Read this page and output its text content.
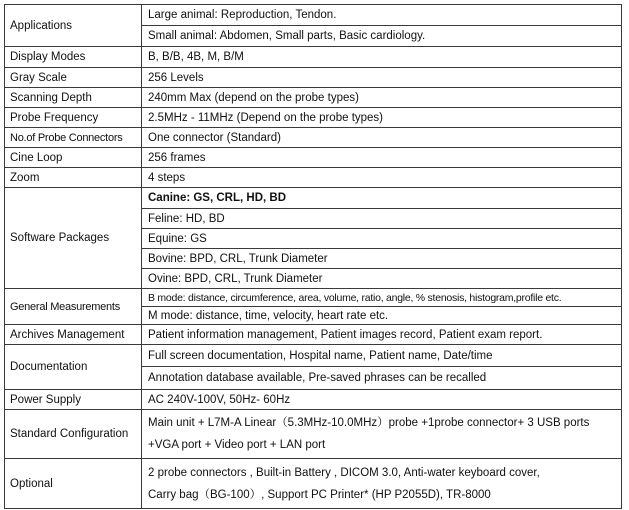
Applications	Large animal: Reproduction, Tendon.
	Small animal: Abdomen, Small parts, Basic cardiology.
Display Modes	B, B/B, 4B, M, B/M
Gray Scale	256 Levels
Scanning Depth	240mm Max (depend on the probe types)
Probe Frequency	2.5MHz - 11MHz (Depend on the probe types)
No.of Probe Connectors	One connector (Standard)
Cine Loop	256 frames
Zoom	4 steps
Software Packages	Canine: GS, CRL, HD, BD
	Feline: HD, BD
	Equine: GS
	Bovine: BPD, CRL, Trunk Diameter
	Ovine: BPD, CRL, Trunk Diameter
General Measurements	B mode: distance, circumference, area, volume, ratio, angle, % stenosis, histogram,profile etc.
	M mode: distance, time, velocity, heart rate etc.
Archives Management	Patient information management, Patient images record, Patient exam report.
Documentation	Full screen documentation, Hospital name, Patient name, Date/time
	Annotation database available, Pre-saved phrases can be recalled
Power Supply	AC 240V-100V, 50Hz- 60Hz
Standard Configuration	Main unit + L7M-A Linear（5.3MHz-10.0MHz）probe +1probe connector+ 3 USB ports +VGA port + Video port + LAN port
Optional	2 probe connectors , Built-in Battery , DICOM 3.0, Anti-water keyboard cover, Carry bag（BG-100）, Support PC Printer* (HP P2055D), TR-8000
